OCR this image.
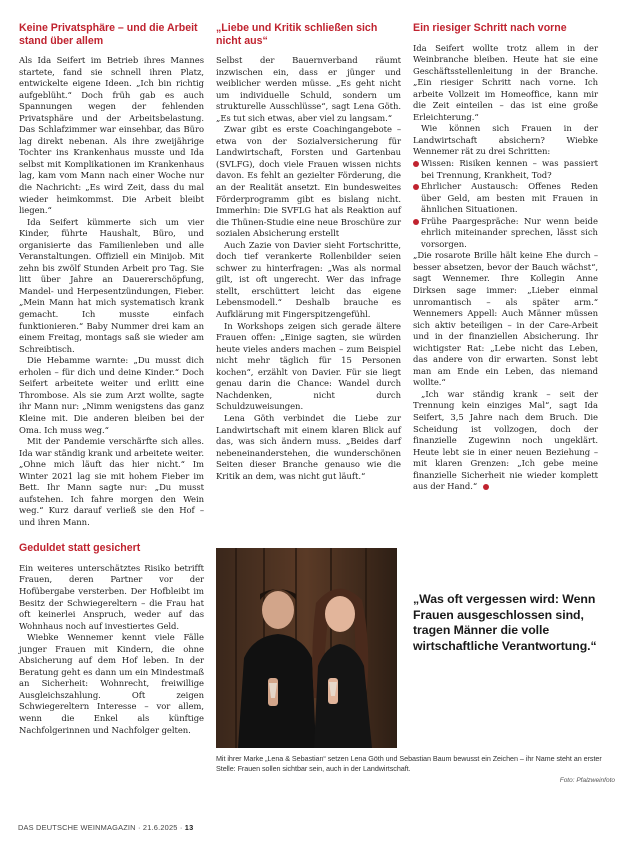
Keine Privatsphäre – und die Arbeit stand über allem

Als Ida Seifert im Betrieb ihres Mannes startete, fand sie schnell ihren Platz, entwickelte eigene Ideen. „Ich bin richtig aufgeblüht.“ Doch früh gab es auch Spannungen wegen der fehlenden Privatsphäre und der Arbeitsbelastung. Das Schlafzimmer war einsehbar, das Büro lag direkt nebenan. Als ihre zweijährige Tochter ins Krankenhaus musste und Ida selbst mit Komplikationen im Krankenhaus lag, kam vom Mann nach einer Woche nur die Nachricht: „Es wird Zeit, dass du mal wieder heimkommst. Die Arbeit bleibt liegen.“

Ida Seifert kümmerte sich um vier Kinder, führte Haushalt, Büro, und organisierte das Familienleben und alle Veranstaltungen. Offiziell ein Minijob. Mit zehn bis zwölf Stunden Arbeit pro Tag. Sie litt über Jahre an Dauererschöpfung, Mandel- und Herpesentzündungen, Fieber. „Mein Mann hat mich systematisch krank gemacht. Ich musste einfach funktionieren.“ Baby Nummer drei kam an einem Freitag, montags saß sie wieder am Schreibtisch.

Die Hebamme warnte: „Du musst dich erholen – für dich und deine Kinder.“ Doch Seifert arbeitete weiter und erlitt eine Thrombose. Als sie zum Arzt wollte, sagte ihr Mann nur: „Nimm wenigstens das ganz Kleine mit. Die anderen bleiben bei der Oma. Ich muss weg.“

Mit der Pandemie verschärfte sich alles. Ida war ständig krank und arbeitete weiter. „Ohne mich läuft das hier nicht.“ Im Winter 2021 lag sie mit hohem Fieber im Bett. Ihr Mann sagte nur: „Du musst aufstehen. Ich fahre morgen den Wein weg.“ Kurz darauf verließ sie den Hof – und ihren Mann.

Geduldet statt gesichert

Ein weiteres unterschätztes Risiko betrifft Frauen, deren Partner vor der Hofübergabe versterben. Der Hofbleibt im Besitz der Schwiegereltern – die Frau hat oft keinerlei Anspruch, weder auf das Wohnhaus noch auf investiertes Geld.

Wiebke Wennemer kennt viele Fälle junger Frauen mit Kindern, die ohne Absicherung auf dem Hof leben. In der Beratung geht es dann um ein Mindestmaß an Sicherheit: Wohnrecht, freiwillige Ausgleichszahlung. Oft zeigen Schwiegereltern Interesse – vor allem, wenn die Enkel als künftige Nachfolgerinnen und Nachfolger gelten.

„Liebe und Kritik schließen sich nicht aus“

Selbst der Bauernverband räumt inzwischen ein, dass er jünger und weiblicher werden müsse. „Es geht nicht um individuelle Schuld, sondern um strukturelle Ausschlüsse“, sagt Lena Göth. „Es tut sich etwas, aber viel zu langsam.“

Zwar gibt es erste Coachingangebote – etwa von der Sozialversicherung für Landwirtschaft, Forsten und Gartenbau (SVLFG), doch viele Frauen wissen nichts davon. Es fehlt an gezielter Förderung, die an der Realität ansetzt. Ein bundesweites Förderprogramm gibt es bislang nicht. Immerhin: Die SVFLG hat als Reaktion auf die Thünen-Studie eine neue Broschüre zur sozialen Absicherung erstellt

Auch Zazie von Davier sieht Fortschritte, doch tief verankerte Rollenbilder seien schwer zu hinterfragen: „Was als normal gilt, ist oft ungerecht. Wer das infrage stellt, erschüttert leicht das eigene Lebensmodell.“ Deshalb brauche es Aufklärung mit Fingerspitzengefühl.

In Workshops zeigen sich gerade ältere Frauen offen: „Einige sagten, sie würden heute vieles anders machen – zum Beispiel nicht mehr täglich für 15 Personen kochen“, erzählt von Davier. Für sie liegt genau darin die Chance: Wandel durch Nachdenken, nicht durch Schuldzuweisungen.

Lena Göth verbindet die Liebe zur Landwirtschaft mit einem klaren Blick auf das, was sich ändern muss. „Beides darf nebeneinanderstehen, die wunderschönen Seiten dieser Branche genauso wie die Kritik an dem, was nicht gut läuft.“

Ein riesiger Schritt nach vorne

Ida Seifert wollte trotz allem in der Weinbranche bleiben. Heute hat sie eine Geschäftsstellenleitung in der Branche. „Ein riesiger Schritt nach vorne. Ich arbeite Vollzeit im Homeoffice, kann mir die Zeit einteilen – das ist eine große Erleichterung.“

Wie können sich Frauen in der Landwirtschaft absichern? Wiebke Wennemer rät zu drei Schritten:

Wissen: Risiken kennen – was passiert bei Trennung, Krankheit, Tod?
Ehrlicher Austausch: Offenes Reden über Geld, am besten mit Frauen in ähnlichen Situationen.
Frühe Paargespräche: Nur wenn beide ehrlich miteinander sprechen, lässt sich vorsorgen.

„Die rosarote Brille hält keine Ehe durch – besser absetzen, bevor der Bauch wächst“, sagt Wennemer. Ihre Kollegin Anne Dirksen sage immer: „Lieber einmal unromantisch – als später arm.“ Wennemers Appell: Auch Männer müssen sich aktiv beteiligen – in der Care-Arbeit und in der finanziellen Absicherung. Ihr wichtigster Rat: „Lebe nicht das Leben, das andere von dir erwarten. Sonst lebt man am Ende ein Leben, das niemand wollte.“

„Ich war ständig krank – seit der Trennung kein einziges Mal“, sagt Ida Seifert, 3,5 Jahre nach dem Bruch. Die Scheidung ist vollzogen, doch der finanzielle Zugewinn noch ungeklärt. Heute lebt sie in einer neuen Beziehung – mit klaren Grenzen: „Ich gebe meine finanzielle Sicherheit nie wieder komplett aus der Hand.“

„Was oft vergessen wird: Wenn Frauen ausgeschlossen sind, tragen Männer die volle wirtschaftliche Verantwortung.“

Mit ihrer Marke „Lena & Sebastian“ setzen Lena Göth und Sebastian Baum bewusst ein Zeichen – ihr Name steht an erster Stelle: Frauen sollen sichtbar sein, auch in der Landwirtschaft.

Foto: Pfalzweinfoto
DAS DEUTSCHE WEINMAGAZIN · 21.6.2025 · 13
